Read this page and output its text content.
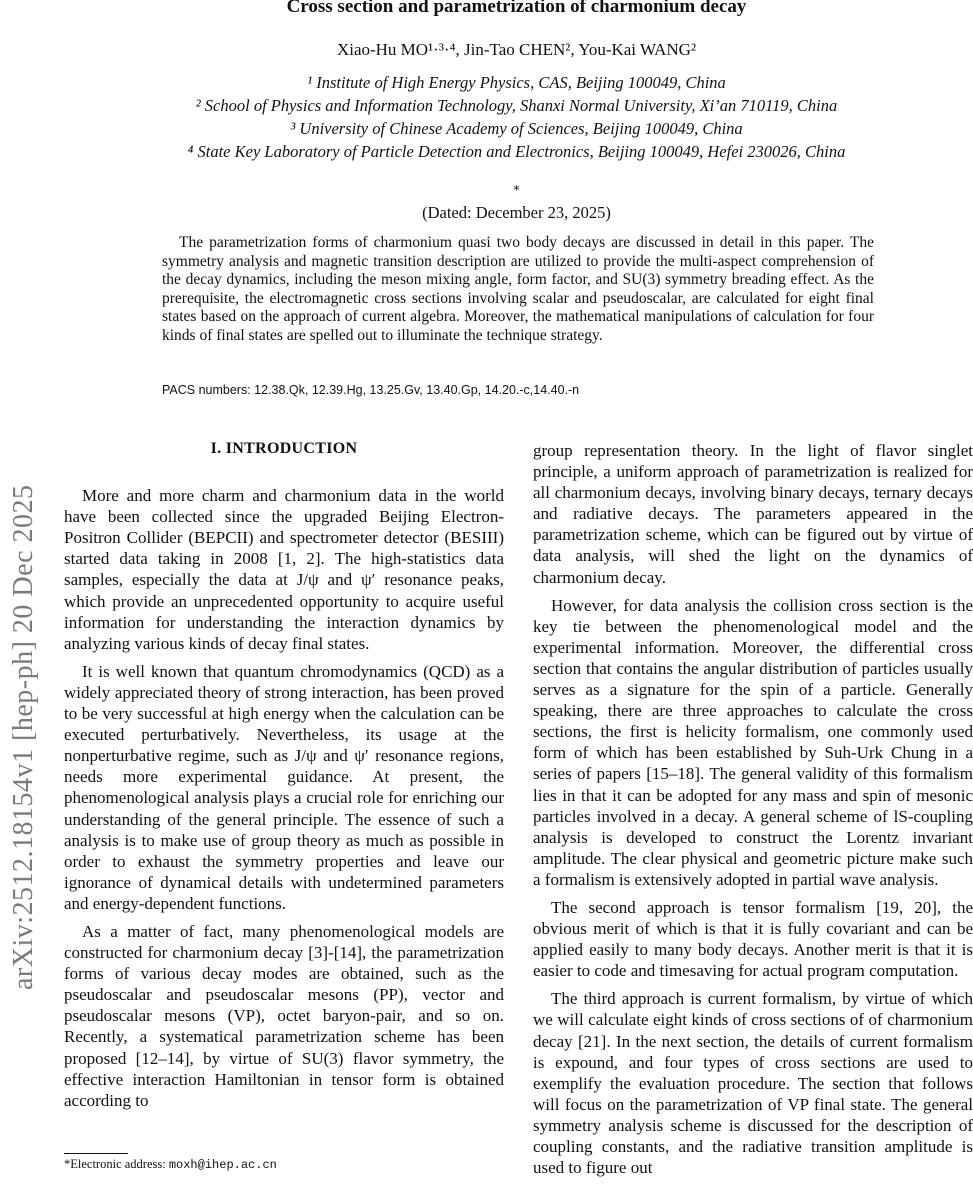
arXiv:2512.18154v1 [hep-ph] 20 Dec 2025
Cross section and parametrization of charmonium decay
Xiao-Hu MO¹·³·⁴, Jin-Tao CHEN², You-Kai WANG²
¹ Institute of High Energy Physics, CAS, Beijing 100049, China
² School of Physics and Information Technology, Shanxi Normal University, Xi’an 710119, China
³ University of Chinese Academy of Sciences, Beijing 100049, China
⁴ State Key Laboratory of Particle Detection and Electronics, Beijing 100049, Hefei 230026, China
*
(Dated: December 23, 2025)

The parametrization forms of charmonium quasi two body decays are discussed in detail in this paper. The symmetry analysis and magnetic transition description are utilized to provide the multi-aspect comprehension of the decay dynamics, including the meson mixing angle, form factor, and SU(3) symmetry breading effect. As the prerequisite, the electromagnetic cross sections involving scalar and pseudoscalar, are calculated for eight final states based on the approach of current algebra. Moreover, the mathematical manipulations of calculation for four kinds of final states are spelled out to illuminate the technique strategy.

PACS numbers: 12.38.Qk, 12.39.Hg, 13.25.Gv, 13.40.Gp, 14.20.-c,14.40.-n
I. INTRODUCTION

More and more charm and charmonium data in the world have been collected since the upgraded Beijing Electron-Positron Collider (BEPCII) and spectrometer detector (BESIII) started data taking in 2008 [1, 2]. The high-statistics data samples, especially the data at J/ψ and ψ′ resonance peaks, which provide an unprecedented opportunity to acquire useful information for understanding the interaction dynamics by analyzing various kinds of decay final states.

It is well known that quantum chromodynamics (QCD) as a widely appreciated theory of strong interaction, has been proved to be very successful at high energy when the calculation can be executed perturbatively. Nevertheless, its usage at the nonperturbative regime, such as J/ψ and ψ′ resonance regions, needs more experimental guidance. At present, the phenomenological analysis plays a crucial role for enriching our understanding of the general principle. The essence of such a analysis is to make use of group theory as much as possible in order to exhaust the symmetry properties and leave our ignorance of dynamical details with undetermined parameters and energy-dependent functions.

As a matter of fact, many phenomenological models are constructed for charmonium decay [3]-[14], the parametrization forms of various decay modes are obtained, such as the pseudoscalar and pseudoscalar mesons (PP), vector and pseudoscalar mesons (VP), octet baryon-pair, and so on. Recently, a systematical parametrization scheme has been proposed [12–14], by virtue of SU(3) flavor symmetry, the effective interaction Hamiltonian in tensor form is obtained according to

group representation theory. In the light of flavor singlet principle, a uniform approach of parametrization is realized for all charmonium decays, involving binary decays, ternary decays and radiative decays. The parameters appeared in the parametrization scheme, which can be figured out by virtue of data analysis, will shed the light on the dynamics of charmonium decay.

However, for data analysis the collision cross section is the key tie between the phenomenological model and the experimental information. Moreover, the differential cross section that contains the angular distribution of particles usually serves as a signature for the spin of a particle. Generally speaking, there are three approaches to calculate the cross sections, the first is helicity formalism, one commonly used form of which has been established by Suh-Urk Chung in a series of papers [15–18]. The general validity of this formalism lies in that it can be adopted for any mass and spin of mesonic particles involved in a decay. A general scheme of lS-coupling analysis is developed to construct the Lorentz invariant amplitude. The clear physical and geometric picture make such a formalism is extensively adopted in partial wave analysis.

The second approach is tensor formalism [19, 20], the obvious merit of which is that it is fully covariant and can be applied easily to many body decays. Another merit is that it is easier to code and timesaving for actual program computation.

The third approach is current formalism, by virtue of which we will calculate eight kinds of cross sections of of charmonium decay [21]. In the next section, the details of current formalism is expound, and four types of cross sections are used to exemplify the evaluation procedure. The section that follows will focus on the parametrization of VP final state. The general symmetry analysis scheme is discussed for the description of coupling constants, and the radiative transition amplitude is used to figure out

*Electronic address: moxh@ihep.ac.cn
